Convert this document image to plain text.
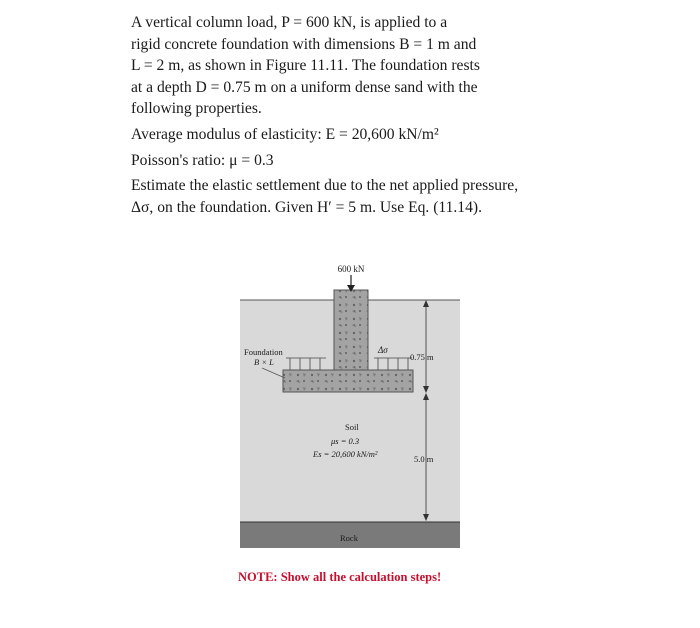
A vertical column load, P = 600 kN, is applied to a
rigid concrete foundation with dimensions B = 1 m and
L = 2 m, as shown in Figure 11.11. The foundation rests
at a depth D = 0.75 m on a uniform dense sand with the
following properties.

Average modulus of elasticity: E = 20,600 kN/m²

Poisson's ratio: μ = 0.3

Estimate the elastic settlement due to the net applied pressure,
Δσ, on the foundation. Given H′ = 5 m. Use Eq. (11.14).

600 kN
Foundation
B × L
Δσ
0.75 m
5.0 m
Soil
μs = 0.3
Es = 20,600 kN/m²
Rock
NOTE: Show all the calculation steps!
